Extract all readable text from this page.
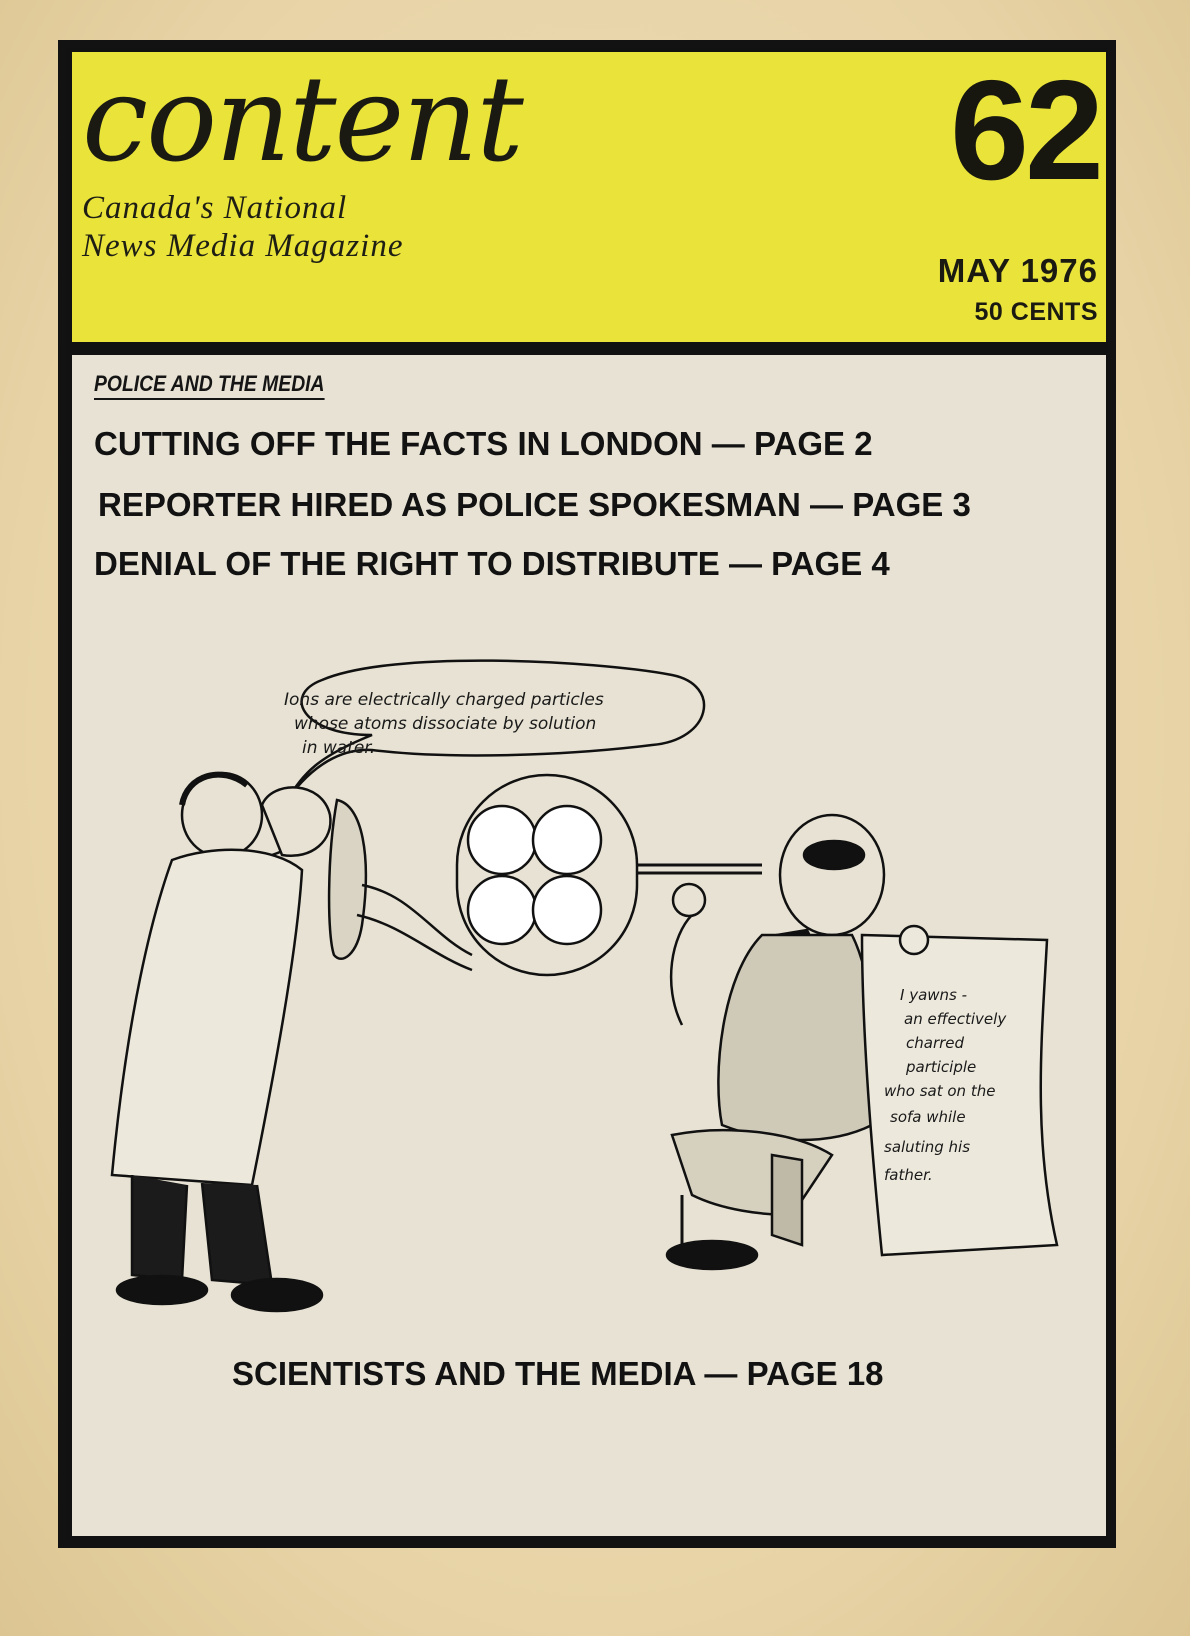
content
Canada's National
News Media Magazine
62
MAY 1976
50 CENTS
POLICE AND THE MEDIA
CUTTING OFF THE FACTS IN LONDON — PAGE 2
REPORTER HIRED AS POLICE SPOKESMAN — PAGE 3
DENIAL OF THE RIGHT TO DISTRIBUTE — PAGE 4
Ions are electrically charged particles
whose atoms dissociate by solution
in water.
I yawns -
an effectively
charred
participle
who sat on the
sofa while
saluting his
father.
SCIENTISTS AND THE MEDIA — PAGE 18
